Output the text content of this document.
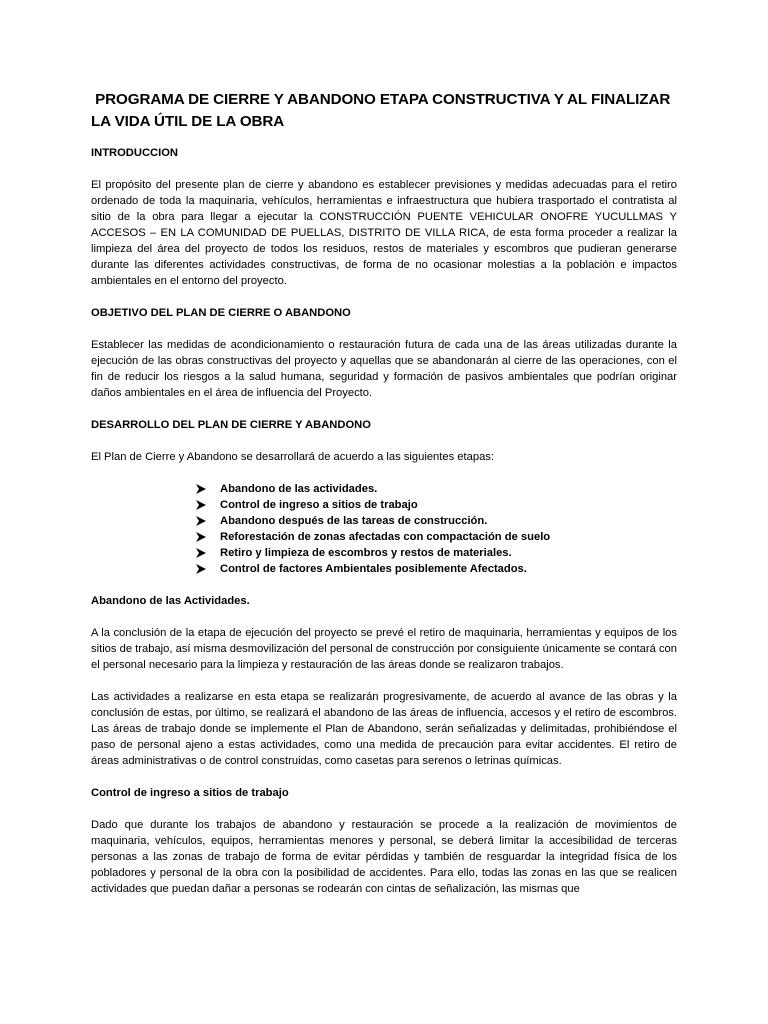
PROGRAMA DE CIERRE Y ABANDONO ETAPA CONSTRUCTIVA Y AL FINALIZAR LA VIDA ÚTIL DE LA OBRA
INTRODUCCION

El propósito del presente plan de cierre y abandono es establecer previsiones y medidas adecuadas para el retiro ordenado de toda la maquinaria, vehículos, herramientas e infraestructura que hubiera trasportado el contratista al sitio de la obra para llegar a ejecutar la CONSTRUCCIÓN PUENTE VEHICULAR ONOFRE YUCULLMAS Y ACCESOS – EN LA COMUNIDAD DE PUELLAS, DISTRITO DE VILLA RICA, de esta forma proceder a realizar la limpieza del área del proyecto de todos los residuos, restos de materiales y escombros que pudieran generarse durante las diferentes actividades constructivas, de forma de no ocasionar molestias a la población e impactos ambientales en el entorno del proyecto.

OBJETIVO DEL PLAN DE CIERRE O ABANDONO

Establecer las medidas de acondicionamiento o restauración futura de cada una de las áreas utilizadas durante la ejecución de las obras constructivas del proyecto y aquellas que se abandonarán al cierre de las operaciones, con el fin de reducir los riesgos a la salud humana, seguridad y formación de pasivos ambientales que podrían originar daños ambientales en el área de influencia del Proyecto.

DESARROLLO DEL PLAN DE CIERRE Y ABANDONO

El Plan de Cierre y Abandono se desarrollará de acuerdo a las siguientes etapas:

Abandono de las actividades.
Control de ingreso a sitios de trabajo
Abandono después de las tareas de construcción.
Reforestación de zonas afectadas con compactación de suelo
Retiro y limpieza de escombros y restos de materiales.
Control de factores Ambientales posiblemente Afectados.
Abandono de las Actividades.

A la conclusión de la etapa de ejecución del proyecto se prevé el retiro de maquinaria, herramientas y equipos de los sitios de trabajo, así misma desmovilización del personal de construcción por consiguiente únicamente se contará con el personal necesario para la limpieza y restauración de las áreas donde se realizaron trabajos.

Las actividades a realizarse en esta etapa se realizarán progresivamente, de acuerdo al avance de las obras y la conclusión de estas, por último, se realizará el abandono de las áreas de influencia, accesos y el retiro de escombros. Las áreas de trabajo donde se implemente el Plan de Abandono, serán señalizadas y delimitadas, prohibiéndose el paso de personal ajeno a estas actividades, como una medida de precaución para evitar accidentes. El retiro de áreas administrativas o de control construidas, como casetas para serenos o letrinas químicas.

Control de ingreso a sitios de trabajo

Dado que durante los trabajos de abandono y restauración se procede a la realización de movimientos de maquinaria, vehículos, equipos, herramientas menores y personal, se deberá limitar la accesibilidad de terceras personas a las zonas de trabajo de forma de evitar pérdidas y también de resguardar la integridad física de los pobladores y personal de la obra con la posibilidad de accidentes. Para ello, todas las zonas en las que se realicen actividades que puedan dañar a personas se rodearán con cintas de señalización, las mismas que
